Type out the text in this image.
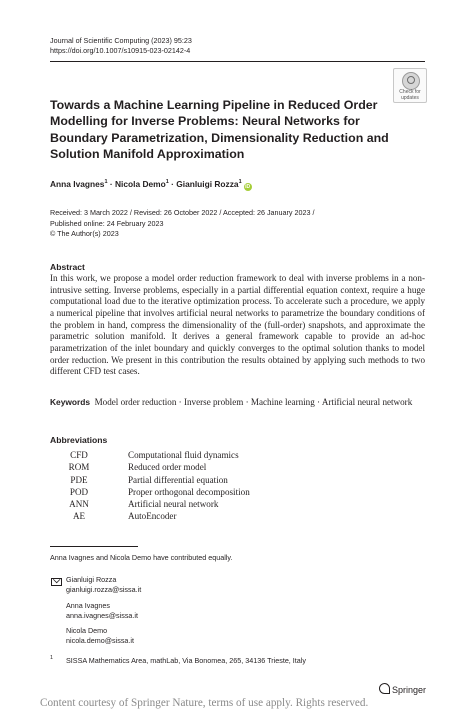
Journal of Scientific Computing (2023) 95:23
https://doi.org/10.1007/s10915-023-02142-4
Check for
updates
Towards a Machine Learning Pipeline in Reduced Order Modelling for Inverse Problems: Neural Networks for Boundary Parametrization, Dimensionality Reduction and Solution Manifold Approximation
Anna Ivagnes$^1$ · Nicola Demo$^1$ · Gianluigi Rozza$^1$iD
Received: 3 March 2022 / Revised: 26 October 2022 / Accepted: 26 January 2023 /
Published online: 24 February 2023
© The Author(s) 2023
Abstract
In this work, we propose a model order reduction framework to deal with inverse problems in a non-intrusive setting. Inverse problems, especially in a partial differential equation context, require a huge computational load due to the iterative optimization process. To accelerate such a procedure, we apply a numerical pipeline that involves artificial neural networks to parametrize the boundary conditions of the problem in hand, compress the dimensionality of the (full-order) snapshots, and approximate the parametric solution manifold. It derives a general framework capable to provide an ad-hoc parametrization of the inlet boundary and quickly converges to the optimal solution thanks to model order reduction. We present in this contribution the results obtained by applying such methods to two different CFD test cases.
Keywords Model order reduction · Inverse problem · Machine learning · Artificial neural network
Abbreviations
CFD	Computational fluid dynamics
ROM	Reduced order model
PDE	Partial differential equation
POD	Proper orthogonal decomposition
ANN	Artificial neural network
AE	AutoEncoder
Anna Ivagnes and Nicola Demo have contributed equally.
Gianluigi Rozza
gianluigi.rozza@sissa.it
Anna Ivagnes
anna.ivagnes@sissa.it
Nicola Demo
nicola.demo@sissa.it
1 SISSA Mathematics Area, mathLab, Via Bonomea, 265, 34136 Trieste, Italy
Springer
Content courtesy of Springer Nature, terms of use apply. Rights reserved.
